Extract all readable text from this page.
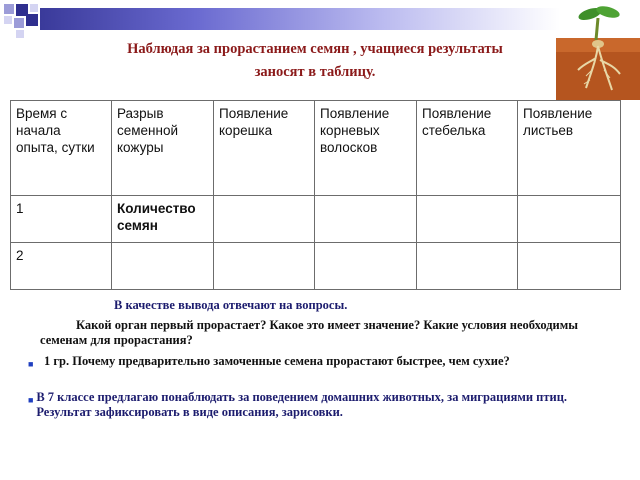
Наблюдая за прорастанием семян , учащиеся результаты
заносят в таблицу.
Время с начала опыта, сутки	Разрыв семенной кожуры	Появление корешка	Появление корневых волосков	Появление стебелька	Появление листьев
1	Количество семян				
2					
В качестве вывода отвечают на вопросы.
Какой орган первый прорастает? Какое это имеет значение? Какие условия необходимы семенам для прорастания?
■ 1 гр. Почему предварительно замоченные семена прорастают быстрее, чем сухие?
■ В 7 классе предлагаю понаблюдать за поведением домашних животных, за миграциями птиц. Результат зафиксировать в виде описания, зарисовки.
